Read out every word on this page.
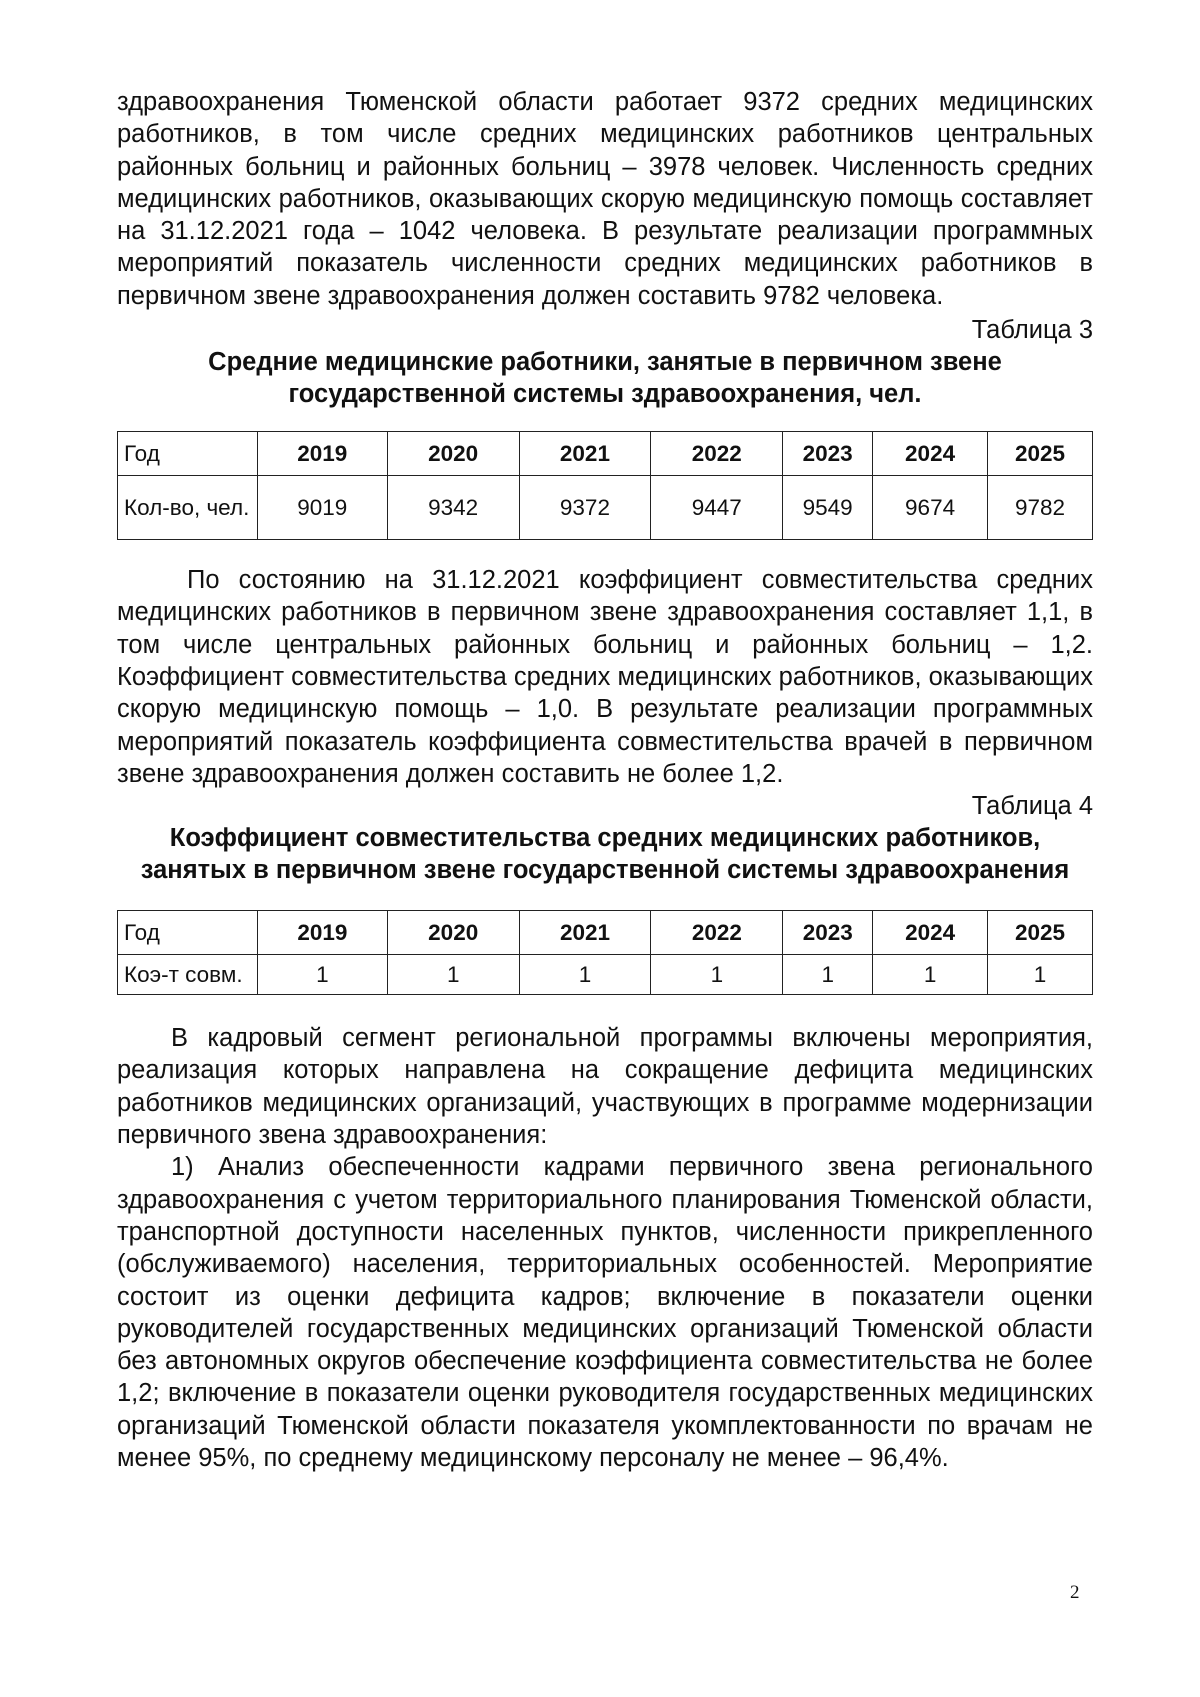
здравоохранения Тюменской области работает 9372 средних медицинских работников, в том числе средних медицинских работников центральных районных больниц и районных больниц – 3978 человек. Численность средних медицинских работников, оказывающих скорую медицинскую помощь составляет на 31.12.2021 года – 1042 человека. В результате реализации программных мероприятий показатель численности средних медицинских работников в первичном звене здравоохранения должен составить 9782 человека.

Таблица 3

Средние медицинские работники, занятые в первичном звене

государственной системы здравоохранения, чел.

Год	2019	2020	2021	2022	2023	2024	2025
Кол-во, чел.	9019	9342	9372	9447	9549	9674	9782

По состоянию на 31.12.2021 коэффициент совместительства средних медицинских работников в первичном звене здравоохранения составляет 1,1, в том числе центральных районных больниц и районных больниц – 1,2. Коэффициент совместительства средних медицинских работников, оказывающих скорую медицинскую помощь – 1,0. В результате реализации программных мероприятий показатель коэффициента совместительства врачей в первичном звене здравоохранения должен составить не более 1,2.

Таблица 4

Коэффициент совместительства средних медицинских работников,

занятых в первичном звене государственной системы здравоохранения

Год	2019	2020	2021	2022	2023	2024	2025
Коэ-т совм.	1	1	1	1	1	1	1

В кадровый сегмент региональной программы включены мероприятия, реализация которых направлена на сокращение дефицита медицинских работников медицинских организаций, участвующих в программе модернизации первичного звена здравоохранения:

1) Анализ обеспеченности кадрами первичного звена регионального здравоохранения с учетом территориального планирования Тюменской области, транспортной доступности населенных пунктов, численности прикрепленного (обслуживаемого) населения, территориальных особенностей. Мероприятие состоит из оценки дефицита кадров; включение в показатели оценки руководителей государственных медицинских организаций Тюменской области без автономных округов обеспечение коэффициента совместительства не более 1,2; включение в показатели оценки руководителя государственных медицинских организаций Тюменской области показателя укомплектованности по врачам не менее 95%, по среднему медицинскому персоналу не менее – 96,4%.

2
